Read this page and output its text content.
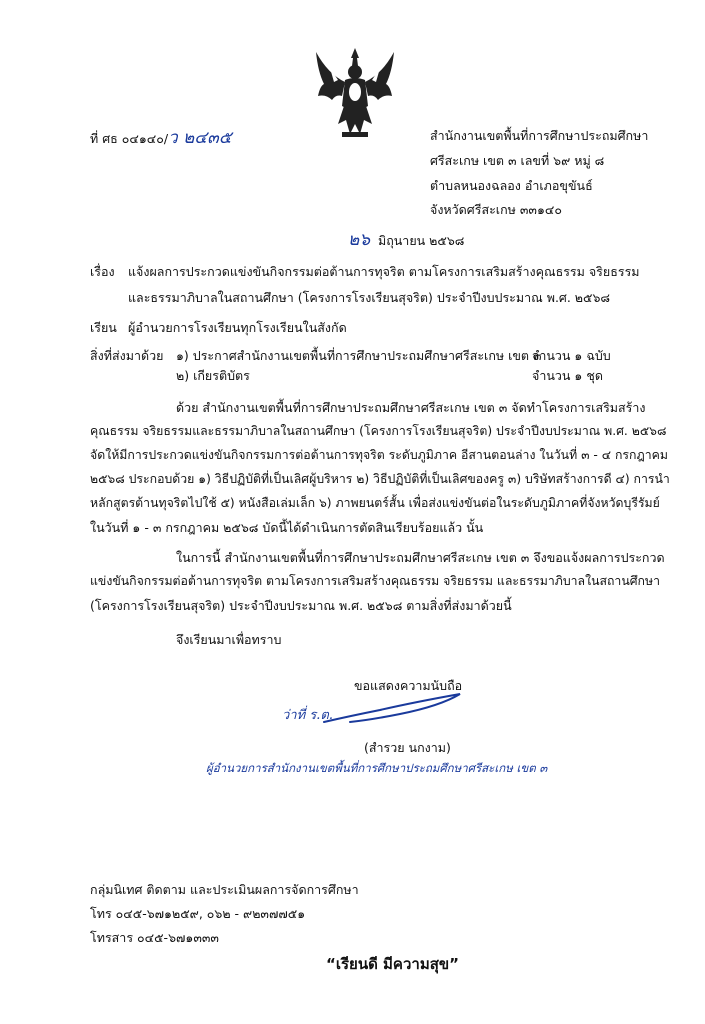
ที่ ศธ ๐๔๑๔๐/ว ๒๔๓๕	สำนักงานเขตพื้นที่การศึกษาประถมศึกษา
ศรีสะเกษ เขต ๓ เลขที่ ๖๙ หมู่ ๘
ตำบลหนองฉลอง อำเภอขุขันธ์
จังหวัดศรีสะเกษ ๓๓๑๔๐
๒๖ มิถุนายน ๒๕๖๘
เรื่อง แจ้งผลการประกวดแข่งขันกิจกรรมต่อต้านการทุจริต ตามโครงการเสริมสร้างคุณธรรม จริยธรรม
และธรรมาภิบาลในสถานศึกษา (โครงการโรงเรียนสุจริต) ประจำปีงบประมาณ พ.ศ. ๒๕๖๘
เรียน ผู้อำนวยการโรงเรียนทุกโรงเรียนในสังกัด
สิ่งที่ส่งมาด้วย ๑) ประกาศสำนักงานเขตพื้นที่การศึกษาประถมศึกษาศรีสะเกษ เขต ๓
จำนวน ๑ ฉบับ
๒) เกียรติบัตร	จำนวน ๑ ชุด
ด้วย สำนักงานเขตพื้นที่การศึกษาประถมศึกษาศรีสะเกษ เขต ๓ จัดทำโครงการเสริมสร้าง
คุณธรรม จริยธรรมและธรรมาภิบาลในสถานศึกษา (โครงการโรงเรียนสุจริต) ประจำปีงบประมาณ พ.ศ. ๒๕๖๘
จัดให้มีการประกวดแข่งขันกิจกรรมการต่อต้านการทุจริต ระดับภูมิภาค อีสานตอนล่าง ในวันที่ ๓ - ๔ กรกฎาคม
๒๕๖๘ ประกอบด้วย ๑) วิธีปฏิบัติที่เป็นเลิศผู้บริหาร ๒) วิธีปฏิบัติที่เป็นเลิศของครู ๓) บริษัทสร้างการดี ๔) การนำ
หลักสูตรต้านทุจริตไปใช้ ๕) หนังสือเล่มเล็ก ๖) ภาพยนตร์สั้น เพื่อส่งแข่งขันต่อในระดับภูมิภาคที่จังหวัดบุรีรัมย์
ในวันที่ ๑ - ๓ กรกฎาคม ๒๕๖๘ บัดนี้ได้ดำเนินการตัดสินเรียบร้อยแล้ว นั้น
ในการนี้ สำนักงานเขตพื้นที่การศึกษาประถมศึกษาศรีสะเกษ เขต ๓ จึงขอแจ้งผลการประกวด
แข่งขันกิจกรรมต่อต้านการทุจริต ตามโครงการเสริมสร้างคุณธรรม จริยธรรม และธรรมาภิบาลในสถานศึกษา
(โครงการโรงเรียนสุจริต) ประจำปีงบประมาณ พ.ศ. ๒๕๖๘ ตามสิ่งที่ส่งมาด้วยนี้
จึงเรียนมาเพื่อทราบ
ขอแสดงความนับถือ
ว่าที่ ร.ต.
(สำรวย นกงาม)
ผู้อำนวยการสำนักงานเขตพื้นที่การศึกษาประถมศึกษาศรีสะเกษ เขต ๓
กลุ่มนิเทศ ติดตาม และประเมินผลการจัดการศึกษา
โทร ๐๔๕-๖๗๑๒๕๙, ๐๖๒ - ๙๒๓๗๗๕๑
โทรสาร ๐๔๕-๖๗๑๓๓๓
“เรียนดี มีความสุข”
